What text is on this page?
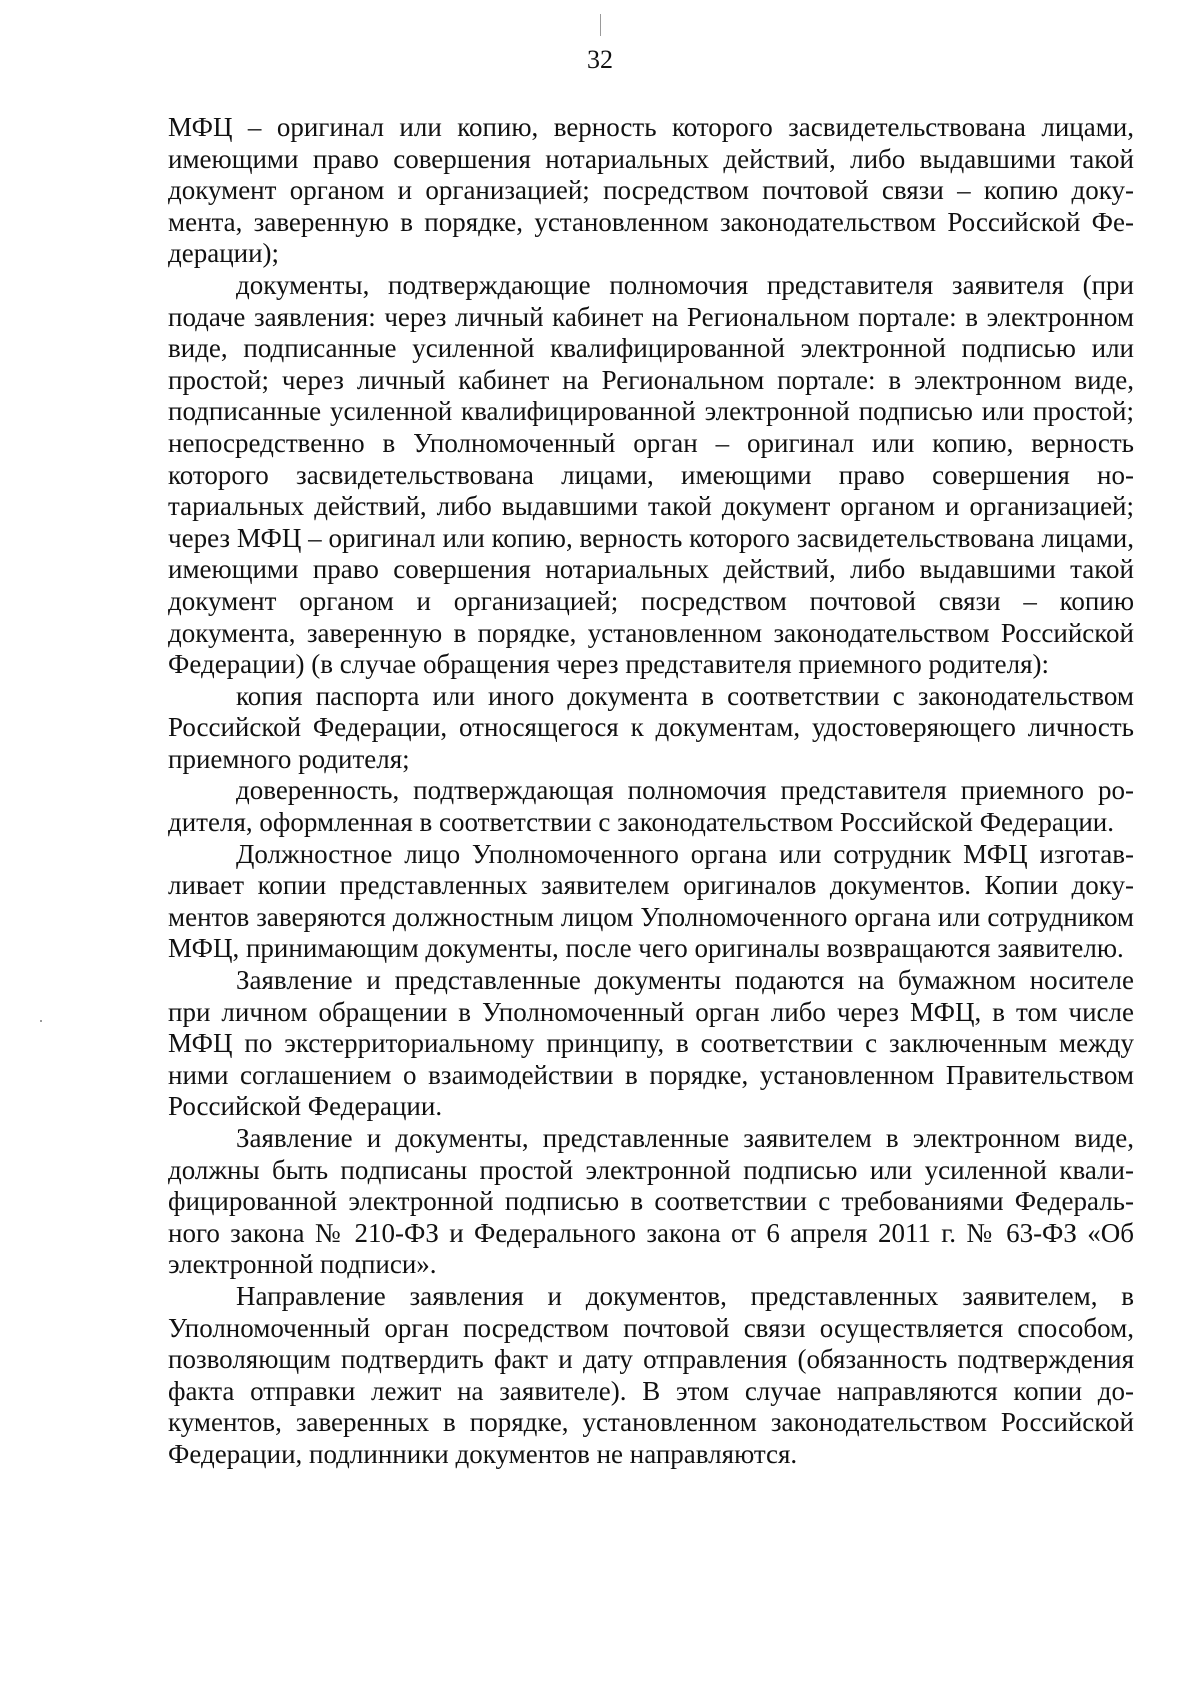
32

МФЦ – оригинал или копию, верность которого засвидетельствована лицами, имеющими право совершения нотариальных действий, либо выдавшими такой документ органом и организацией; посредством почтовой связи – копию документа, заверенную в порядке, установленном законодательством Российской Федерации);

документы, подтверждающие полномочия представителя заявителя (при подаче заявления: через личный кабинет на Региональном портале: в электронном виде, подписанные усиленной квалифицированной электронной подписью или простой; через личный кабинет на Региональном портале: в электронном виде, подписанные усиленной квалифицированной электронной подписью или простой; непосредственно в Уполномоченный орган – оригинал или копию, верность которого засвидетельствована лицами, имеющими право совершения нотариальных действий, либо выдавшими такой документ органом и организацией; через МФЦ – оригинал или копию, верность которого засвидетельствована лицами, имеющими право совершения нотариальных действий, либо выдавшими такой документ органом и организацией; посредством почтовой связи – копию документа, заверенную в порядке, установленном законодательством Российской Федерации) (в случае обращения через представителя приемного родителя):

копия паспорта или иного документа в соответствии с законодательством Российской Федерации, относящегося к документам, удостоверяющего личность приемного родителя;

доверенность, подтверждающая полномочия представителя приемного родителя, оформленная в соответствии с законодательством Российской Федерации.

Должностное лицо Уполномоченного органа или сотрудник МФЦ изготавливает копии представленных заявителем оригиналов документов. Копии документов заверяются должностным лицом Уполномоченного органа или сотрудником МФЦ, принимающим документы, после чего оригиналы возвращаются заявителю.

Заявление и представленные документы подаются на бумажном носителе при личном обращении в Уполномоченный орган либо через МФЦ, в том числе МФЦ по экстерриториальному принципу, в соответствии с заключенным между ними соглашением о взаимодействии в порядке, установленном Правительством Российской Федерации.

Заявление и документы, представленные заявителем в электронном виде, должны быть подписаны простой электронной подписью или усиленной квалифицированной электронной подписью в соответствии с требованиями Федерального закона № 210-ФЗ и Федерального закона от 6 апреля 2011 г. № 63-ФЗ «Об электронной подписи».

Направление заявления и документов, представленных заявителем, в Уполномоченный орган посредством почтовой связи осуществляется способом, позволяющим подтвердить факт и дату отправления (обязанность подтверждения факта отправки лежит на заявителе). В этом случае направляются копии документов, заверенных в порядке, установленном законодательством Российской Федерации, подлинники документов не направляются.
